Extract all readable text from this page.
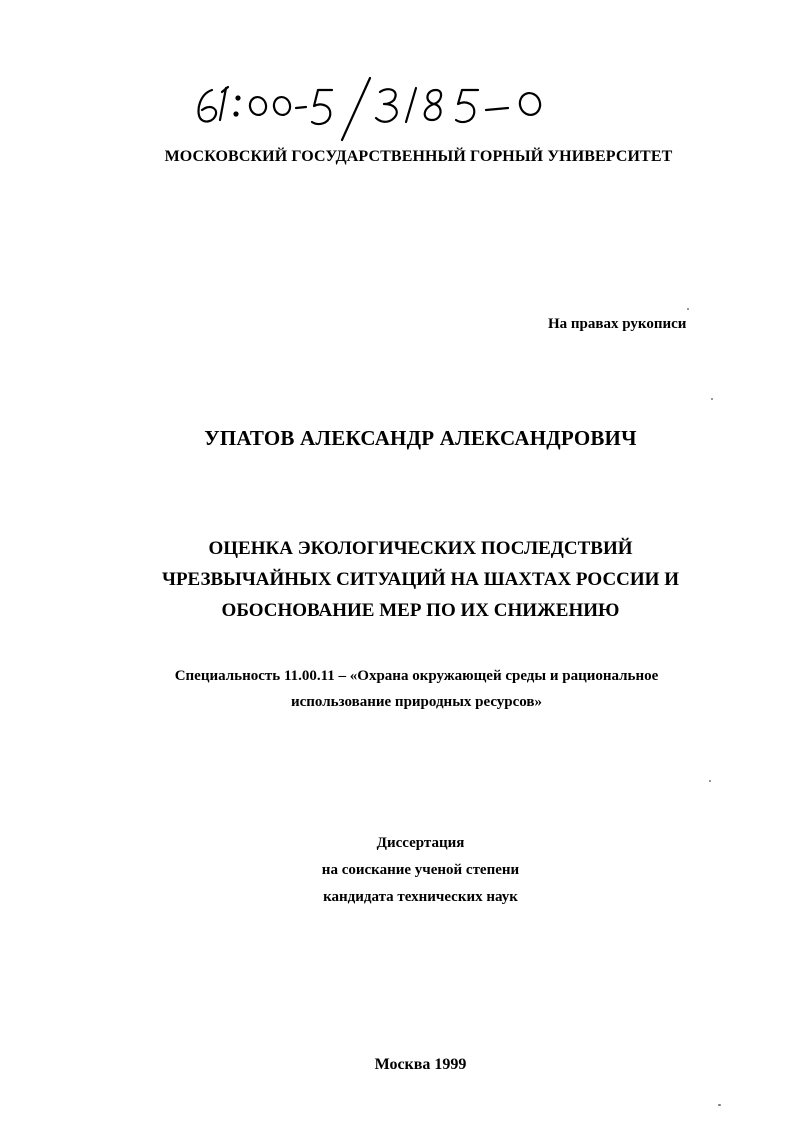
МОСКОВСКИЙ ГОСУДАРСТВЕННЫЙ ГОРНЫЙ УНИВЕРСИТЕТ
На правах рукописи
УПАТОВ АЛЕКСАНДР АЛЕКСАНДРОВИЧ
ОЦЕНКА ЭКОЛОГИЧЕСКИХ ПОСЛЕДСТВИЙ
ЧРЕЗВЫЧАЙНЫХ СИТУАЦИЙ НА ШАХТАХ РОССИИ И
ОБОСНОВАНИЕ МЕР ПО ИХ СНИЖЕНИЮ
Специальность 11.00.11 – «Охрана окружающей среды и рациональное
использование природных ресурсов»
Диссертация
на соискание ученой степени
кандидата технических наук
Москва 1999
